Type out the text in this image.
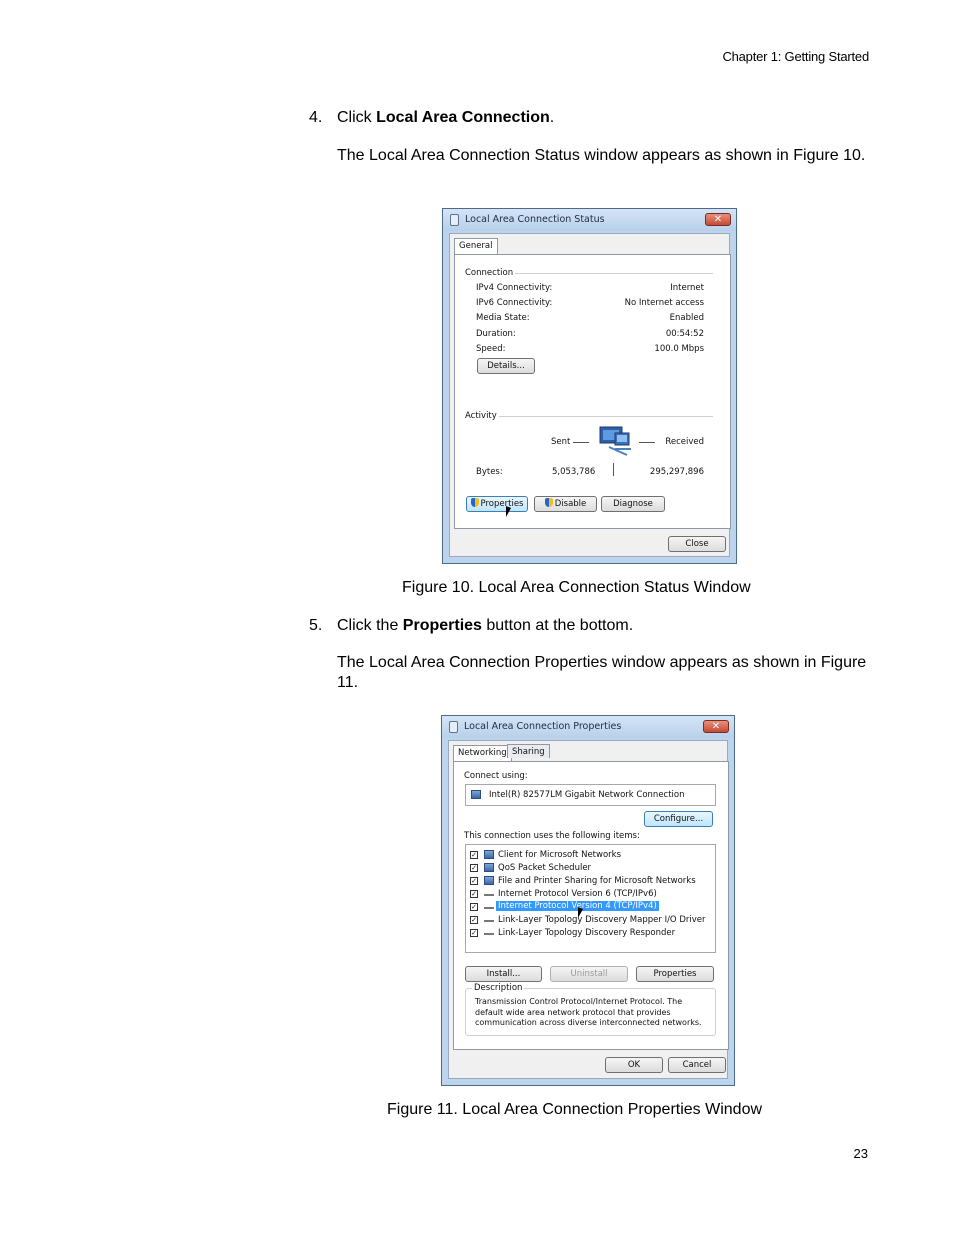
Chapter 1: Getting Started
4. Click Local Area Connection.
The Local Area Connection Status window appears as shown in Figure 10.
Local Area Connection Status	✕
General
Connection
IPv4 Connectivity:	Internet
IPv6 Connectivity:	No Internet access
Media State:	Enabled
Duration:	00:54:52
Speed:	100.0 Mbps
Details...
Activity
Sent	Received
Bytes:	5,053,786	295,297,896
Properties	Disable	Diagnose
Close
Figure 10. Local Area Connection Status Window
5. Click the Properties button at the bottom.
The Local Area Connection Properties window appears as shown in Figure 11.
Local Area Connection Properties	✕
Networking Sharing
Connect using:
Intel(R) 82577LM Gigabit Network Connection
Configure...
This connection uses the following items:
✓ Client for Microsoft Networks
✓ QoS Packet Scheduler
✓ File and Printer Sharing for Microsoft Networks
✓ Internet Protocol Version 6 (TCP/IPv6)
✓ Internet Protocol Version 4 (TCP/IPv4)
✓ Link-Layer Topology Discovery Mapper I/O Driver
✓ Link-Layer Topology Discovery Responder
Install...	Uninstall	Properties
Description
Transmission Control Protocol/Internet Protocol. The default wide area network protocol that provides communication across diverse interconnected networks.
OK	Cancel
Figure 11. Local Area Connection Properties Window
23
